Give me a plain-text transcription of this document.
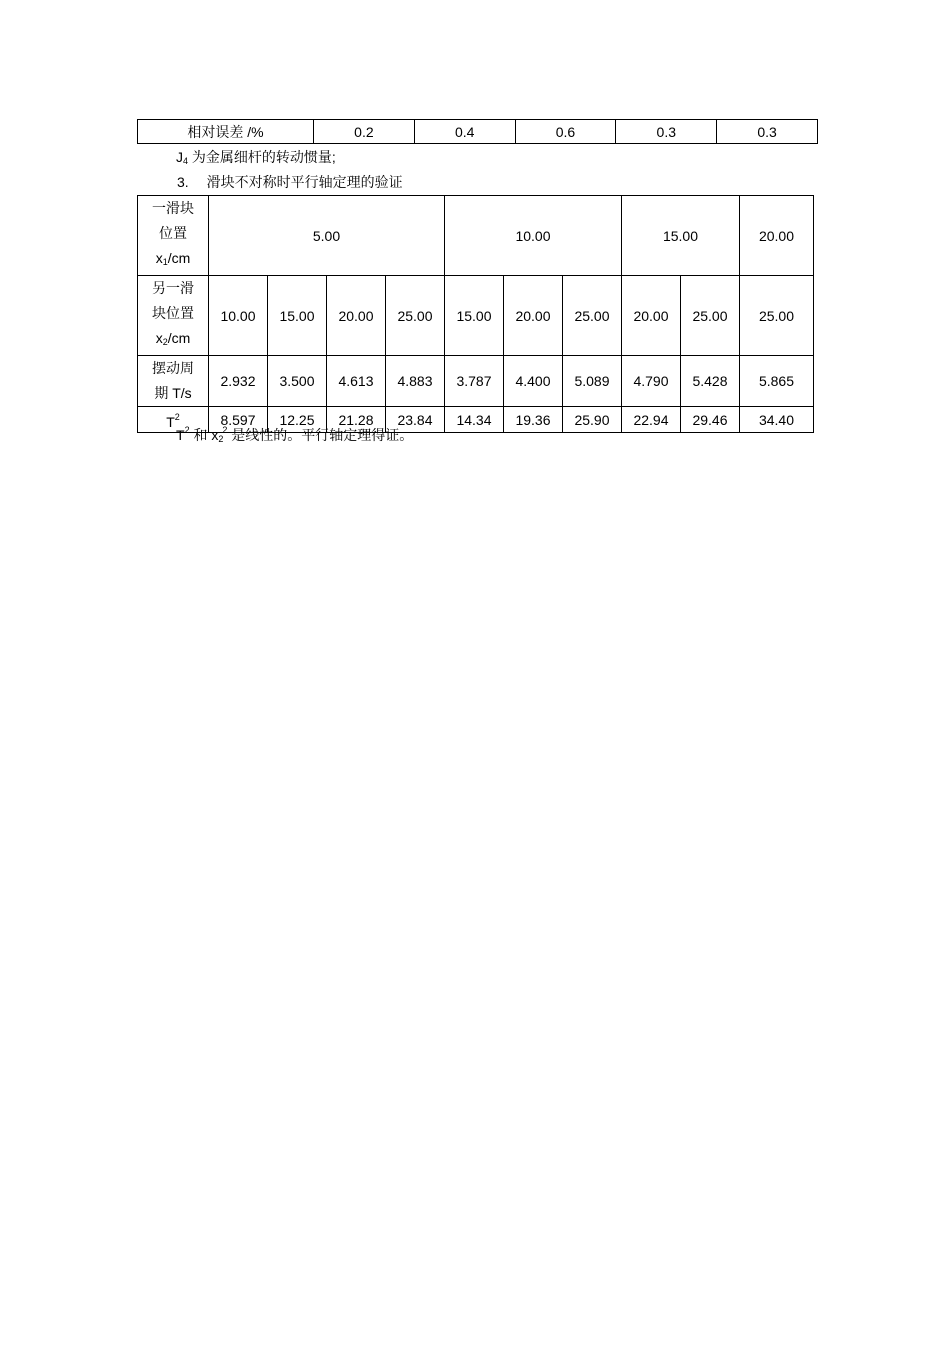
相对误差 /%	0.2	0.4	0.6	0.3	0.3
$J_4$ 为金属细杆的转动惯量;
3. 滑块不对称时平行轴定理的验证
一滑块
位置
$x_1/cm$	5.00				10.00			15.00		20.00

另一滑
块位置
$x_2/cm$	10.00	15.00	20.00	25.00	15.00	20.00	25.00	20.00	25.00	25.00

摆动周
期 T/s	2.932	3.500	4.613	4.883	3.787	4.400	5.089	4.790	5.428	5.865
$T^2$	8.597	12.25	21.28	23.84	14.34	19.36	25.90	22.94	29.46	34.40
$T^2$ 和 $x_2^2$ 是线性的。平行轴定理得证。
